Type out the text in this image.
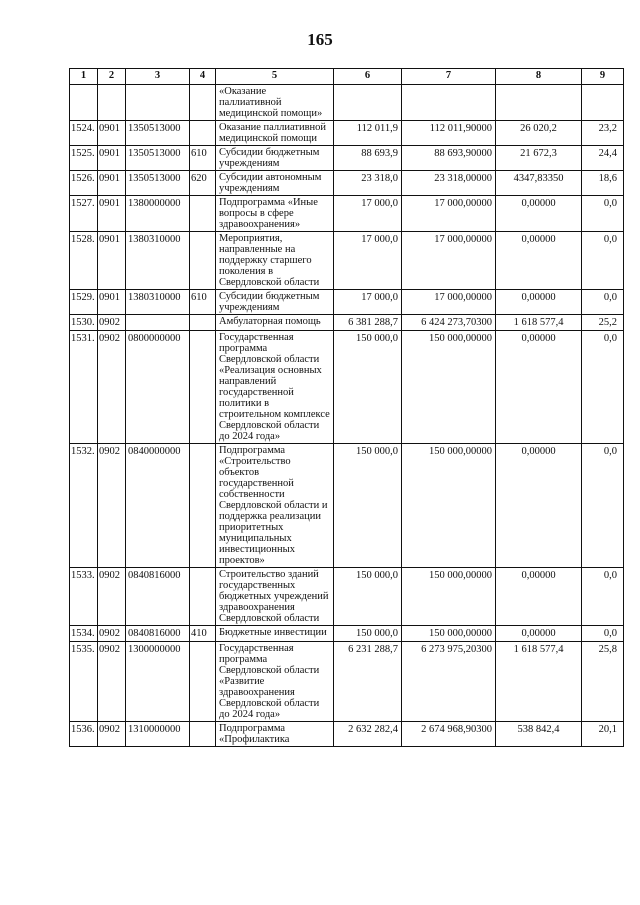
165
1	2	3	4	5	6	7	8	9
				«Оказание паллиативной медицинской помощи»				
1524.	0901	1350513000		Оказание паллиативной медицинской помощи	112 011,9	112 011,90000	26 020,2	23,2
1525.	0901	1350513000	610	Субсидии бюджетным учреждениям	88 693,9	88 693,90000	21 672,3	24,4
1526.	0901	1350513000	620	Субсидии автономным учреждениям	23 318,0	23 318,00000	4347,83350	18,6
1527.	0901	1380000000		Подпрограмма «Иные вопросы в сфере здравоохранения»	17 000,0	17 000,00000	0,00000	0,0
1528.	0901	1380310000		Мероприятия, направленные на поддержку старшего поколения в Свердловской области	17 000,0	17 000,00000	0,00000	0,0
1529.	0901	1380310000	610	Субсидии бюджетным учреждениям	17 000,0	17 000,00000	0,00000	0,0
1530.	0902			Амбулаторная помощь	6 381 288,7	6 424 273,70300	1 618 577,4	25,2
1531.	0902	0800000000		Государственная программа Свердловской области «Реализация основных направлений государственной политики в строительном комплексе Свердловской области до 2024 года»	150 000,0	150 000,00000	0,00000	0,0
1532.	0902	0840000000		Подпрограмма «Строительство объектов государственной собственности Свердловской области и поддержка реализации приоритетных муниципальных инвестиционных проектов»	150 000,0	150 000,00000	0,00000	0,0
1533.	0902	0840816000		Строительство зданий государственных бюджетных учреждений здравоохранения Свердловской области	150 000,0	150 000,00000	0,00000	0,0
1534.	0902	0840816000	410	Бюджетные инвестиции	150 000,0	150 000,00000	0,00000	0,0
1535.	0902	1300000000		Государственная программа Свердловской области «Развитие здравоохранения Свердловской области до 2024 года»	6 231 288,7	6 273 975,20300	1 618 577,4	25,8
1536.	0902	1310000000		Подпрограмма «Профилактика	2 632 282,4	2 674 968,90300	538 842,4	20,1
